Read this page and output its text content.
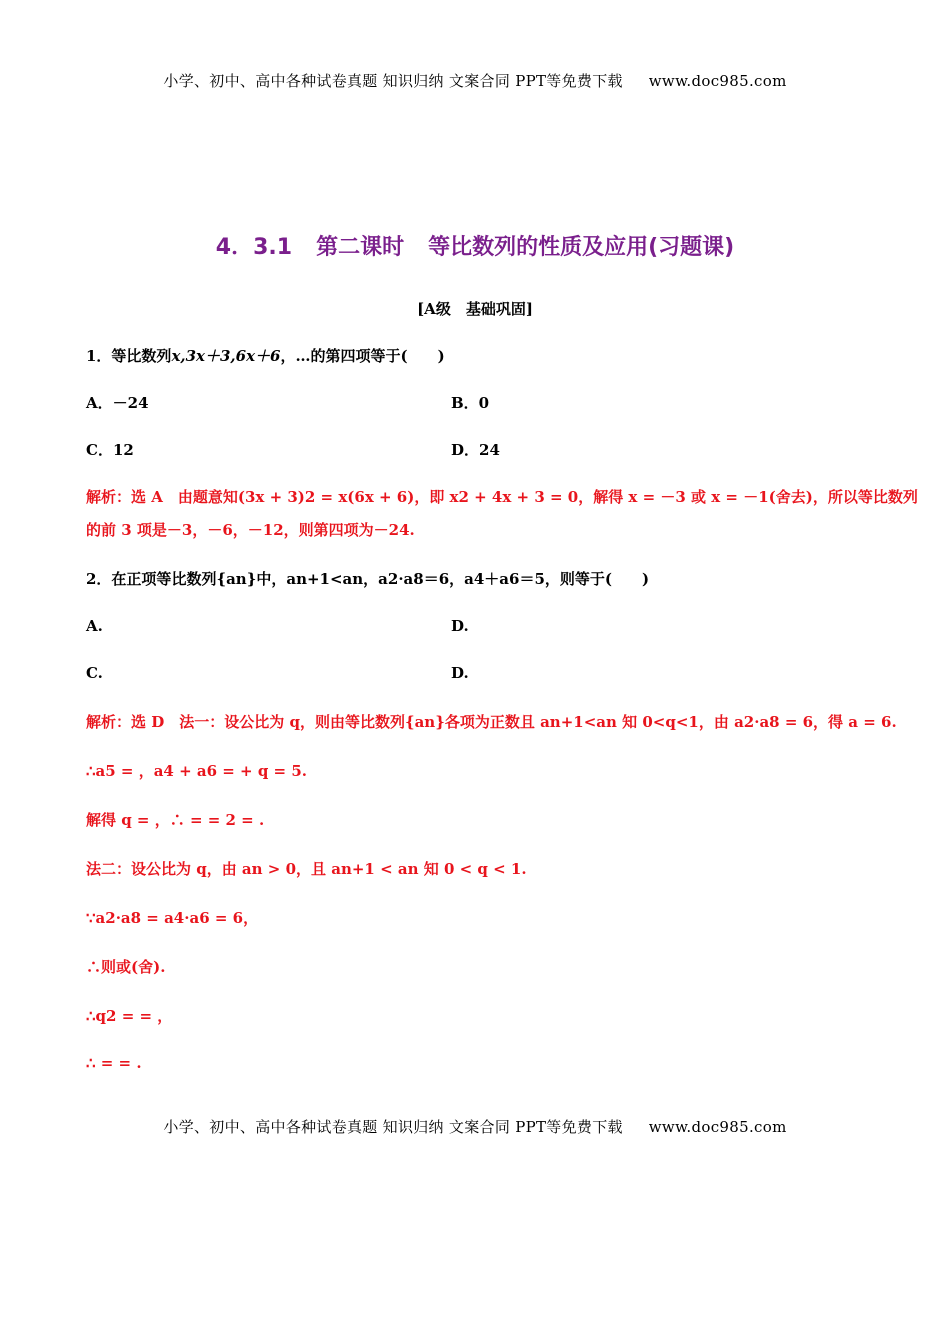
小学、初中、高中各种试卷真题 知识归纳 文案合同 PPT等免费下载 www.doc985.com
4．3.1 第二课时 等比数列的性质及应用(习题课)
[A级　基础巩固]
1．等比数列x,3x＋3,6x＋6，…的第四项等于(　　)
A．－24	B．0
C．12	D．24
解析：选 A　由题意知(3x + 3)2 = x(6x + 6)，即 x2 + 4x + 3 = 0，解得 x = －3 或 x = －1(舍去)，所以等比数列
的前 3 项是－3，－6，－12，则第四项为－24.
2．在正项等比数列{an}中，an+1<an，a2·a8＝6，a4＋a6＝5，则等于(　　)
A.	D.
C.	D.
解析：选 D　法一：设公比为 q，则由等比数列{an}各项为正数且 an+1<an 知 0<q<1，由 a2·a8 = 6，得 a = 6.
∴a5 = ，a4 + a6 = + q = 5.
解得 q = ，∴ = = 2 = .
法二：设公比为 q，由 an > 0，且 an+1 < an 知 0 < q < 1.
∵a2·a8 = a4·a6 = 6，
∴则或(舍).
∴q2 = = ，
∴ = = .
小学、初中、高中各种试卷真题 知识归纳 文案合同 PPT等免费下载 www.doc985.com
